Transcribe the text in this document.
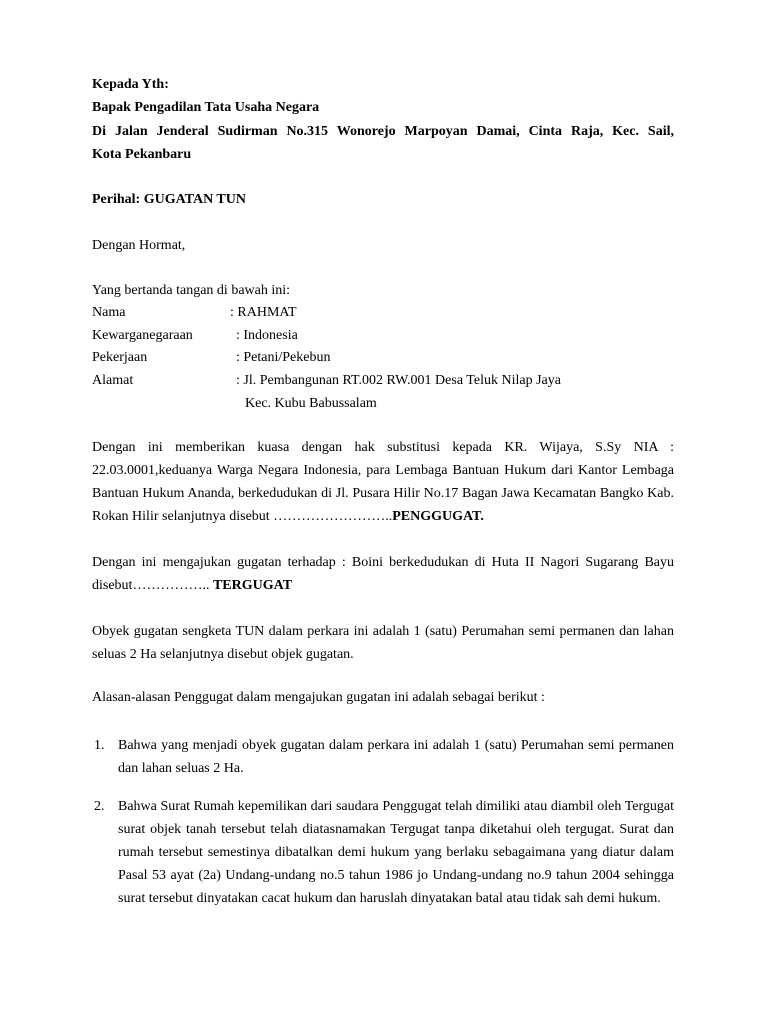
Kepada Yth:
Bapak Pengadilan Tata Usaha Negara
Di Jalan Jenderal Sudirman No.315 Wonorejo Marpoyan Damai, Cinta Raja, Kec. Sail,
Kota Pekanbaru
Perihal: GUGATAN TUN
Dengan Hormat,
Yang bertanda tangan di bawah ini:
Nama	: RAHMAT
Kewarganegaraan	: Indonesia
Pekerjaan	: Petani/Pekebun
Alamat	: Jl. Pembangunan RT.002 RW.001 Desa Teluk Nilap Jaya
Kec. Kubu Babussalam
Dengan ini memberikan kuasa dengan hak substitusi kepada KR. Wijaya, S.Sy NIA : 22.03.0001,keduanya Warga Negara Indonesia, para Lembaga Bantuan Hukum dari Kantor Lembaga Bantuan Hukum Ananda, berkedudukan di Jl. Pusara Hilir No.17 Bagan Jawa Kecamatan Bangko Kab. Rokan Hilir selanjutnya disebut ……………………..PENGGUGAT.
Dengan ini mengajukan gugatan terhadap : Boini berkedudukan di Huta II Nagori Sugarang Bayu disebut…………….. TERGUGAT
Obyek gugatan sengketa TUN dalam perkara ini adalah 1 (satu) Perumahan semi permanen dan lahan seluas 2 Ha selanjutnya disebut objek gugatan.
Alasan-alasan Penggugat dalam mengajukan gugatan ini adalah sebagai berikut :
1. Bahwa yang menjadi obyek gugatan dalam perkara ini adalah 1 (satu) Perumahan semi permanen dan lahan seluas 2 Ha.
2. Bahwa Surat Rumah kepemilikan dari saudara Penggugat telah dimiliki atau diambil oleh Tergugat surat objek tanah tersebut telah diatasnamakan Tergugat tanpa diketahui oleh tergugat. Surat dan rumah tersebut semestinya dibatalkan demi hukum yang berlaku sebagaimana yang diatur dalam Pasal 53 ayat (2a) Undang-undang no.5 tahun 1986 jo Undang-undang no.9 tahun 2004 sehingga surat tersebut dinyatakan cacat hukum dan haruslah dinyatakan batal atau tidak sah demi hukum.
